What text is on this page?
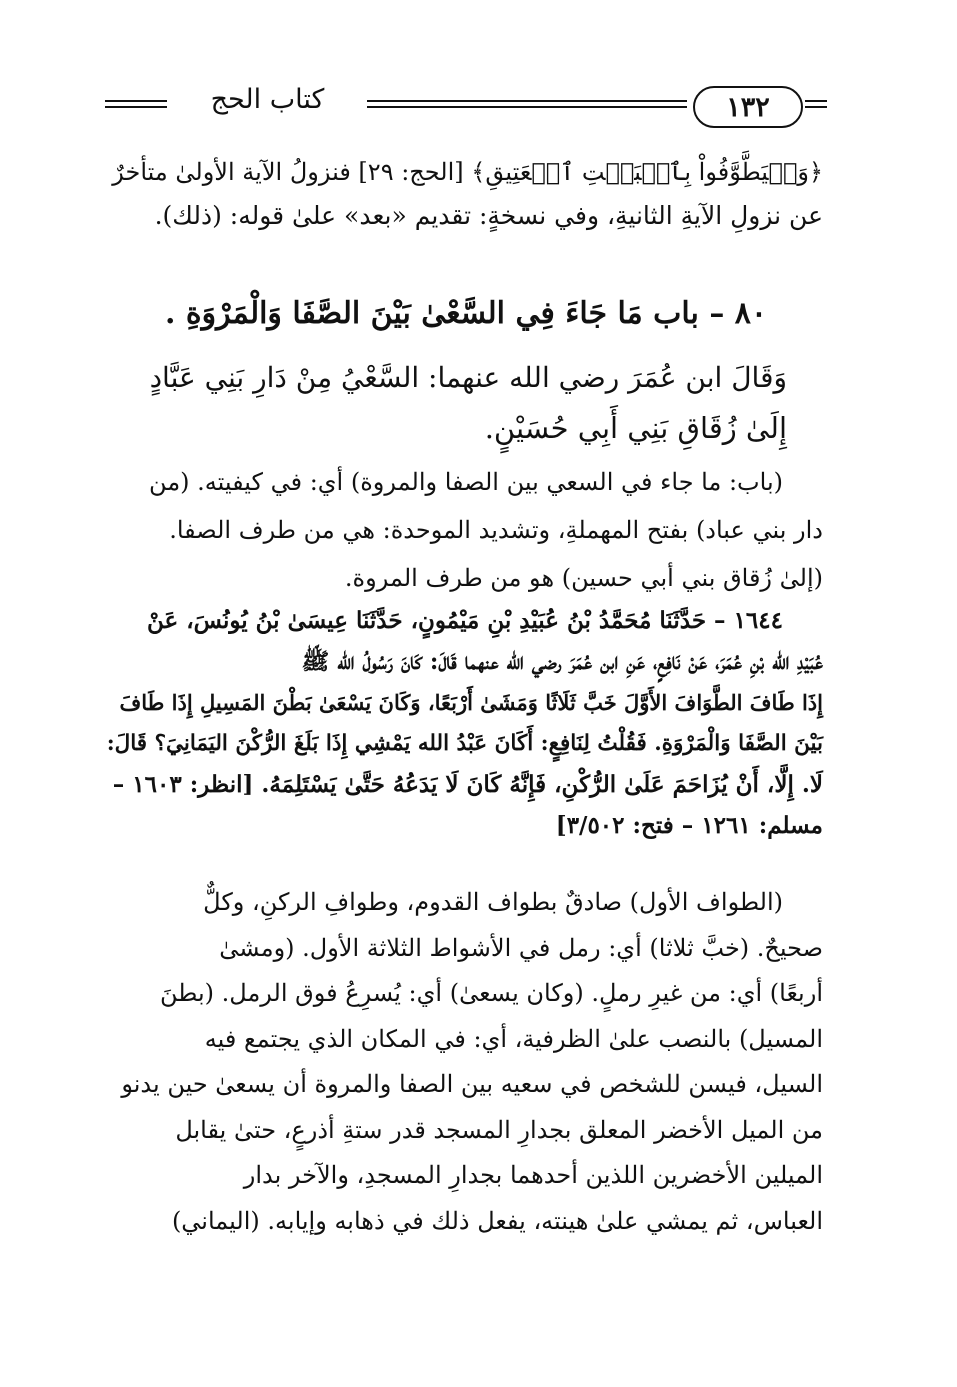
كتاب الحج	١٣٢
﴿وَلۡيَطَّوَّفُواْ بِٱلۡبَيۡتِ ٱلۡعَتِيقِ﴾ [الحج: ٢٩] فنزولُ الآية الأولىٰ متأخرٌ
عن نزولِ الآيةِ الثانيةِ، وفي نسخةٍ: تقديم «بعد» علىٰ قوله: (ذلك).
٨٠ – باب مَا جَاءَ فِي السَّعْىٰ بَيْنَ الصَّفَا وَالْمَرْوَةِ .
وَقَالَ ابن عُمَرَ رضي الله عنهما: السَّعْيُ مِنْ دَارِ بَنِي عَبَّادٍ
إِلَىٰ زُقَاقِ بَنِي أَبِي حُسَيْنٍ.
(باب: ما جاء في السعي بين الصفا والمروة) أي: في كيفيته. (من
دار بني عباد) بفتح المهملةِ، وتشديد الموحدة: هي من طرف الصفا.
(إلىٰ زُقاق بني أبي حسين) هو من طرف المروة.
١٦٤٤ – حَدَّثَنَا مُحَمَّدُ بْنُ عُبَيْدِ بْنِ مَيْمُونٍ، حَدَّثَنَا عِيسَىٰ بْنُ يُونُسَ، عَنْ
عُبَيْدِ الله بْنِ عُمَرَ، عَنْ نَافِعٍ، عَنِ ابن عُمَرَ رضي الله عنهما قَالَ: كَانَ رَسُولُ الله ﷺ
إِذَا طَافَ الطَّوَافَ الأَوَّلَ خَبَّ ثَلَاثًا وَمَشَىٰ أَرْبَعًا، وَكَانَ يَسْعَىٰ بَطْنَ المَسِيلِ إِذَا طَافَ
بَيْنَ الصَّفَا وَالْمَرْوَةِ. فَقُلْتُ لِنَافِعٍ: أَكَانَ عَبْدُ الله يَمْشِي إِذَا بَلَغَ الرُّكْنَ اليَمَانِيَ؟ قَالَ:
لَا. إِلَّا، أَنْ يُزَاحَمَ عَلَىٰ الرُّكْنِ، فَإِنَّهُ كَانَ لَا يَدَعُهُ حَتَّىٰ يَسْتَلِمَهُ. [انظر: ١٦٠٣ –
مسلم: ١٢٦١ – فتح: ٣/٥٠٢]
(الطواف الأول) صادقٌ بطواف القدوم، وطوافِ الركنِ، وكلٌّ
صحيحٌ. (خبَّ ثلاثا) أي: رمل في الأشواط الثلاثة الأول. (ومشىٰ
أربعًا) أي: من غيرِ رملٍ. (وكان يسعىٰ) أي: يُسرِعُ فوق الرمل. (بطنَ
المسيل) بالنصب علىٰ الظرفية، أي: في المكان الذي يجتمع فيه
السيل، فيسن للشخص في سعيه بين الصفا والمروة أن يسعىٰ حين يدنو
من الميل الأخضر المعلق بجدارِ المسجد قدر ستةِ أذرعٍ، حتىٰ يقابل
الميلين الأخضرين اللذين أحدهما بجدارِ المسجدِ، والآخر بدار
العباس، ثم يمشي علىٰ هينته، يفعل ذلك في ذهابه وإيابه. (اليماني)
